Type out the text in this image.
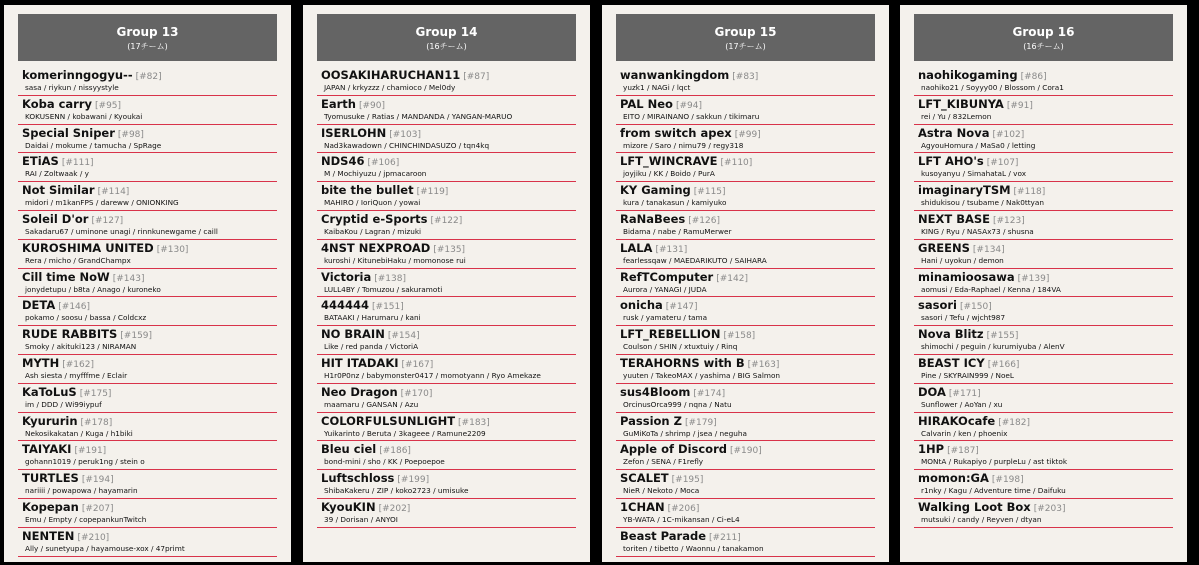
Group 13
(17チーム)
komerinngogyu-- [#82]
sasa / riykun / nissyystyle
Koba carry [#95]
KOKUSENN / kobawani / Kyoukai
Special Sniper [#98]
Daidai / mokume / tamucha / SpRage
ETiAS [#111]
RAI / Zoltwaak / y
Not Similar [#114]
midori / m1kanFPS / dareww / ONIONKING
Soleil D'or [#127]
Sakadaru67 / uminone unagi / rinnkunewgame / caill
KUROSHIMA UNITED [#130]
Rera / micho / GrandChampx
Cill time NoW [#143]
jonydetupu / b8ta / Anago / kuroneko
DETA [#146]
pokamo / soosu / bassa / Coldcxz
RUDE RABBITS [#159]
Smoky / akituki123 / NIRAMAN
MYTH [#162]
Ash siesta / myfffme / Eclair
KaToLuS [#175]
im / DDD / Wi99iypuf
Kyururin [#178]
Nekosikakatan / Kuga / h1biki
TAIYAKI [#191]
gohann1019 / peruk1ng / stein o
TURTLES [#194]
nariiii / powapowa / hayamarin
Kopepan [#207]
Emu / Empty / copepankunTwitch
NENTEN [#210]
Ally / sunetyupa / hayamouse-xox / 47primt
Group 14
(16チーム)
OOSAKIHARUCHAN11 [#87]
JAPAN / krkyzzz / chamioco / Mel0dy
Earth [#90]
Tyomusuke / Ratias / MANDANDA / YANGAN-MARUO
ISERLOHN [#103]
Nad3kawadown / CHINCHINDASUZO / tqn4kq
NDS46 [#106]
M / Mochiyuzu / jpmacaroon
bite the bullet [#119]
MAHIRO / IoriQuon / yowai
Cryptid e-Sports [#122]
KaibaKou / Lagran / mizuki
4NST NEXPROAD [#135]
kuroshi / KitunebiHaku / momonose rui
Victoria [#138]
LULL4BY / Tomuzou / sakuramoti
444444 [#151]
BATAAKI / Harumaru / kani
NO BRAIN [#154]
Like / red panda / VictoriA
HIT ITADAKI [#167]
H1r0P0nz / babymonster0417 / momotyann / Ryo Amekaze
Neo Dragon [#170]
maamaru / GANSAN / Azu
COLORFULSUNLIGHT [#183]
Yuikarinto / Beruta / 3kageee / Ramune2209
Bleu ciel [#186]
bond-mini / sho / KK / Poepoepoe
Luftschloss [#199]
ShibaKakeru / ZIP / koko2723 / umisuke
KyouKIN [#202]
39 / Dorisan / ANYOI
Group 15
(17チーム)
wanwankingdom [#83]
yuzk1 / NAGi / lqct
PAL Neo [#94]
EITO / MIRAINANO / sakkun / tikimaru
from switch apex [#99]
mizore / Saro / nimu79 / regy318
LFT_WINCRAVE [#110]
joyjiku / KK / Boido / PurA
KY Gaming [#115]
kura / tanakasun / kamiyuko
RaNaBees [#126]
Bidama / nabe / RamuMerwer
LALA [#131]
fearlessqaw / MAEDARIKUTO / SAIHARA
RefTComputer [#142]
Aurora / YANAGI / JUDA
onicha [#147]
rusk / yamateru / tama
LFT_REBELLION [#158]
Coulson / SHIN / xtuxtuiy / Rinq
TERAHORNS with B [#163]
yuuten / TakeoMAX / yashima / BIG Salmon
sus4Bloom [#174]
OrcinusOrca999 / nqna / Natu
Passion Z [#179]
GuMiKoTa / shrimp / jsea / neguha
Apple of Discord [#190]
Zefon / SENA / F1refly
SCALET [#195]
NieR / Nekoto / Moca
1CHAN [#206]
YB-WATA / 1C-mikansan / Ci-eL4
Beast Parade [#211]
toriten / tibetto / Waonnu / tanakamon
Group 16
(16チーム)
naohikogaming [#86]
naohiko21 / Soyyy00 / Blossom / Cora1
LFT_KIBUNYA [#91]
rei / Yu / 832Lemon
Astra Nova [#102]
AgyouHomura / MaSa0 / letting
LFT AHO's [#107]
kusoyanyu / SimahataL / vox
imaginaryTSM [#118]
shidukisou / tsubame / Nak0ttyan
NEXT BASE [#123]
KING / Ryu / NASAx73 / shusna
GREENS [#134]
Hani / uyokun / demon
minamioosawa [#139]
aomusi / Eda-Raphael / Kenna / 184VA
sasori [#150]
sasori / Tefu / wjcht987
Nova Blitz [#155]
shimochi / peguin / kurumiyuba / AlenV
BEAST ICY [#166]
Pine / SKYRAIN999 / NoeL
DOA [#171]
Sunflower / AoYan / xu
HIRAKOcafe [#182]
Calvarin / ken / phoenix
1HP [#187]
MONtA / Rukapiyo / purpleLu / ast tiktok
momon:GA [#198]
r1nky / Kagu / Adventure time / Daifuku
Walking Loot Box [#203]
mutsuki / candy / Reyven / dtyan
